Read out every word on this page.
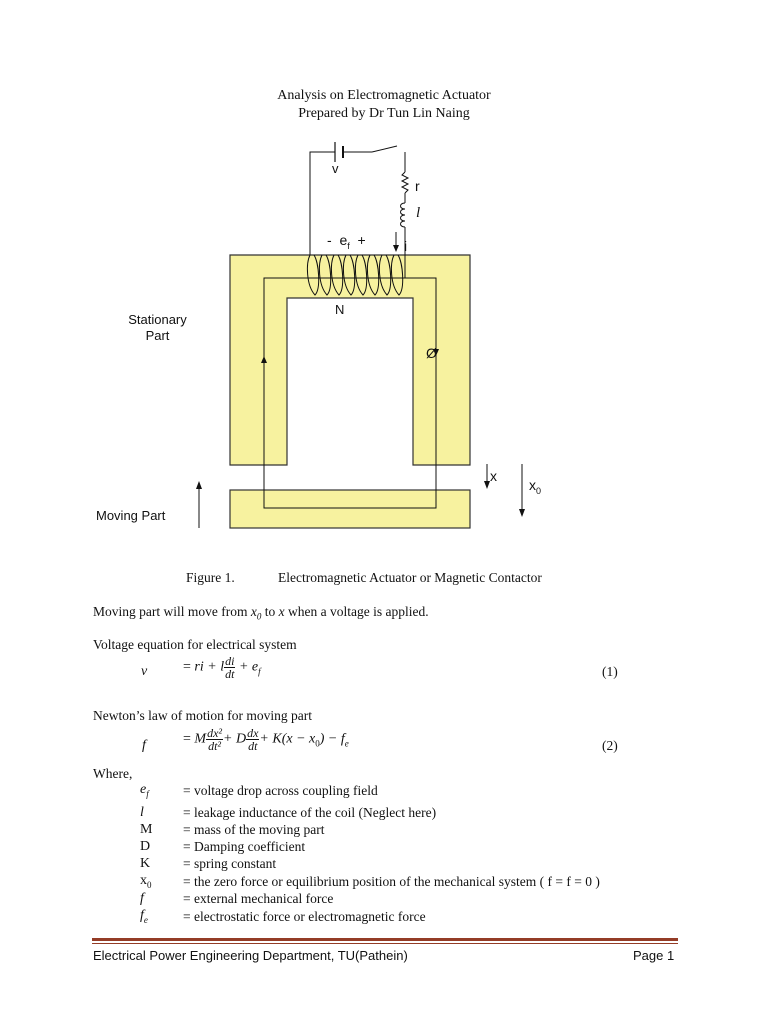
Analysis on Electromagnetic Actuator
Prepared by Dr Tun Lin Naing
v
r
l
- $e_f$ +	i
N
Ø
Stationary
Part
Moving Part
x
$x_0$
Figure 1.	Electromagnetic Actuator or Magnetic Contactor
Moving part will move from $x_0$ to x when a voltage is applied.
Voltage equation for electrical system
v	= ri + l $\frac{di}{dt} + e_f$	(1)
Newton’s law of motion for moving part
f	= M $\frac{\text{dx²}}{\text{dt²}} + D \frac{dx}{dt} + K(x - x_0) - f_e$	(2)
Where,
$e_f$	= voltage drop across coupling field
l	= leakage inductance of the coil (Neglect here)
M = mass of the moving part
D = Damping coefficient
K = spring constant
$x_0$ = the zero force or equilibrium position of the mechanical system ( f = f = 0 )
f	= external mechanical force
$f_e$	= electrostatic force or electromagnetic force
Electrical Power Engineering Department, TU(Pathein)	Page 1
